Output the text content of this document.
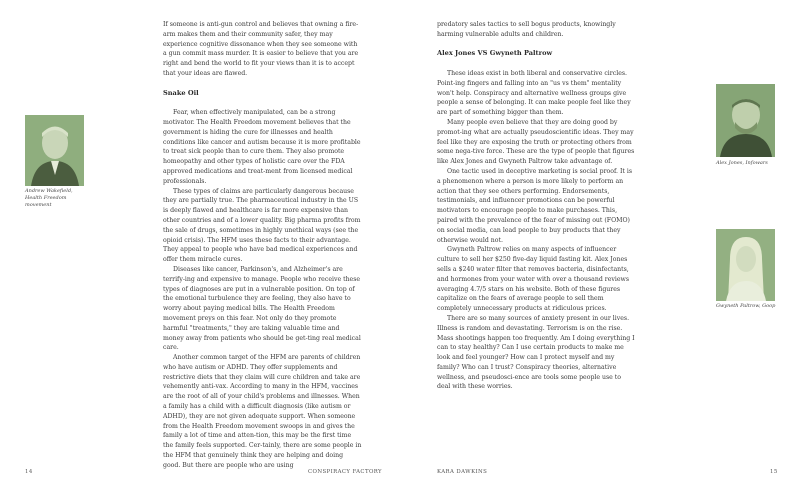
If someone is anti-gun control and believes that owning a fire-arm makes them and their community safer, they may experience cognitive dissonance when they see someone with a gun commit mass murder. It is easier to believe that you are right and bend the world to fit your views than it is to accept that your ideas are flawed.

Snake Oil

Fear, when effectively manipulated, can be a strong motivator. The Health Freedom movement believes that the government is hiding the cure for illnesses and health conditions like cancer and autism because it is more profitable to treat sick people than to cure them. They also promote homeopathy and other types of holistic care over the FDA approved medications and treat-ment from licensed medical professionals.

These types of claims are particularly dangerous because they are partially true. The pharmaceutical industry in the US is deeply flawed and healthcare is far more expensive than other countries and of a lower quality. Big pharma profits from the sale of drugs, sometimes in highly unethical ways (see the opioid crisis). The HFM uses these facts to their advantage. They appeal to people who have bad medical experiences and offer them miracle cures.

Diseases like cancer, Parkinson's, and Alzheimer's are terrify-ing and expensive to manage. People who receive these types of diagnoses are put in a vulnerable position. On top of the emotional turbulence they are feeling, they also have to worry about paying medical bills. The Health Freedom movement preys on this fear. Not only do they promote harmful "treatments," they are taking valuable time and money away from patients who should be get-ting real medical care.

Another common target of the HFM are parents of children who have autism or ADHD. They offer supplements and restrictive diets that they claim will cure children and take are vehemently anti-vax. According to many in the HFM, vaccines are the root of all of your child's problems and illnesses. When a family has a child with a difficult diagnosis (like autism or ADHD), they are not given adequate support. When someone from the Health Freedom movement swoops in and gives the family a lot of time and atten-tion, this may be the first time the family feels supported. Cer-tainly, there are some people in the HFM that genuinely think they are helping and doing good. But there are people who are using

Andrew Wakefield, Health Freedom movement
14	CONSPIRACY FACTORY

predatory sales tactics to sell bogus products, knowingly harming vulnerable adults and children.

Alex Jones VS Gwyneth Paltrow

These ideas exist in both liberal and conservative circles. Point-ing fingers and falling into an "us vs them" mentality won't help. Conspiracy and alternative wellness groups give people a sense of belonging. It can make people feel like they are part of something bigger than them.

Many people even believe that they are doing good by promot-ing what are actually pseudoscientific ideas. They may feel like they are exposing the truth or protecting others from some nega-tive force. These are the type of people that figures like Alex Jones and Gwyneth Paltrow take advantage of.

One tactic used in deceptive marketing is social proof. It is a phenomenon where a person is more likely to perform an action that they see others performing. Endorsements, testimonials, and influencer promotions can be powerful motivators to encourage people to make purchases. This, paired with the prevalence of the fear of missing out (FOMO) on social media, can lead people to buy products that they otherwise would not.

Gwyneth Paltrow relies on many aspects of influencer culture to sell her $250 five-day liquid fasting kit. Alex Jones sells a $240 water filter that removes bacteria, disinfectants, and hormones from your water with over a thousand reviews averaging 4.7/5 stars on his website. Both of these figures capitalize on the fears of average people to sell them completely unnecessary products at ridiculous prices.

There are so many sources of anxiety present in our lives. Illness is random and devastating. Terrorism is on the rise. Mass shootings happen too frequently. Am I doing everything I can to stay healthy? Can I use certain products to make me look and feel younger? How can I protect myself and my family? Who can I trust? Conspiracy theories, alternative wellness, and pseudosci-ence are tools some people use to deal with these worries.

Alex Jones, Infowars
Gwyneth Paltrow, Goop
KARA DAWKINS	15
